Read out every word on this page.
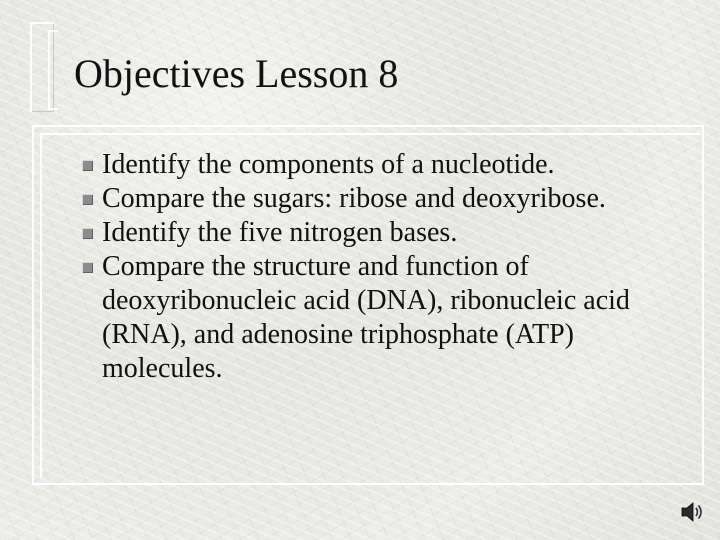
Objectives Lesson 8
Identify the components of a nucleotide.
Compare the sugars: ribose and deoxyribose.
Identify the five nitrogen bases.
Compare the structure and function of deoxyribonucleic acid (DNA), ribonucleic acid (RNA), and adenosine triphosphate (ATP) molecules.
